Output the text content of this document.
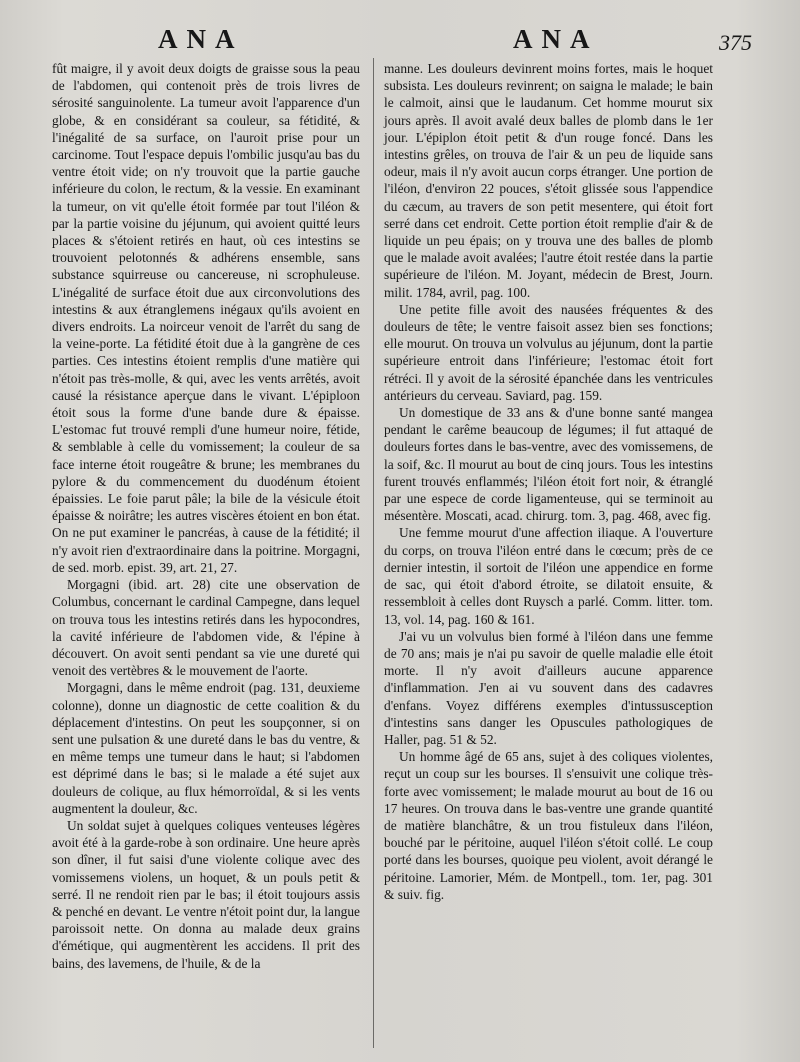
ANA	ANA	375

fût maigre, il y avoit deux doigts de graisse sous la peau de l'abdomen, qui contenoit près de trois livres de sérosité sanguinolente. La tumeur avoit l'apparence d'un globe, & en considérant sa couleur, sa fétidité, & l'inégalité de sa surface, on l'auroit prise pour un carcinome. Tout l'espace depuis l'ombilic jusqu'au bas du ventre étoit vide; on n'y trouvoit que la partie gauche inférieure du colon, le rectum, & la vessie. En examinant la tumeur, on vit qu'elle étoit formée par tout l'iléon & par la partie voisine du jéjunum, qui avoient quitté leurs places & s'étoient retirés en haut, où ces intestins se trouvoient pelotonnés & adhérens ensemble, sans substance squirreuse ou cancereuse, ni scrophuleuse. L'inégalité de surface étoit due aux circonvolutions des intestins & aux étranglemens inégaux qu'ils avoient en divers endroits. La noirceur venoit de l'arrêt du sang de la veine-porte. La fétidité étoit due à la gangrène de ces parties. Ces intestins étoient remplis d'une matière qui n'étoit pas très-molle, & qui, avec les vents arrêtés, avoit causé la résistance aperçue dans le vivant. L'épiploon étoit sous la forme d'une bande dure & épaisse. L'estomac fut trouvé rempli d'une humeur noire, fétide, & semblable à celle du vomissement; la couleur de sa face interne étoit rougeâtre & brune; les membranes du pylore & du commencement du duodénum étoient épaissies. Le foie parut pâle; la bile de la vésicule étoit épaisse & noirâtre; les autres viscères étoient en bon état. On ne put examiner le pancréas, à cause de la fétidité; il n'y avoit rien d'extraordinaire dans la poitrine. Morgagni, de sed. morb. epist. 39, art. 21, 27.

Morgagni (ibid. art. 28) cite une observation de Columbus, concernant le cardinal Campegne, dans lequel on trouva tous les intestins retirés dans les hypocondres, la cavité inférieure de l'abdomen vide, & l'épine à découvert. On avoit senti pendant sa vie une dureté qui venoit des vertèbres & le mouvement de l'aorte.

Morgagni, dans le même endroit (pag. 131, deuxieme colonne), donne un diagnostic de cette coalition & du déplacement d'intestins. On peut les soupçonner, si on sent une pulsation & une dureté dans le bas du ventre, & en même temps une tumeur dans le haut; si l'abdomen est déprimé dans le bas; si le malade a été sujet aux douleurs de colique, au flux hémorroïdal, & si les vents augmentent la douleur, &c.

Un soldat sujet à quelques coliques venteuses légères avoit été à la garde-robe à son ordinaire. Une heure après son dîner, il fut saisi d'une violente colique avec des vomissemens violens, un hoquet, & un pouls petit & serré. Il ne rendoit rien par le bas; il étoit toujours assis & penché en devant. Le ventre n'étoit point dur, la langue paroissoit nette. On donna au malade deux grains d'émétique, qui augmentèrent les accidens. Il prit des bains, des lavemens, de l'huile, & de la

manne. Les douleurs devinrent moins fortes, mais le hoquet subsista. Les douleurs revinrent; on saigna le malade; le bain le calmoit, ainsi que le laudanum. Cet homme mourut six jours après. Il avoit avalé deux balles de plomb dans le 1er jour. L'épiplon étoit petit & d'un rouge foncé. Dans les intestins grêles, on trouva de l'air & un peu de liquide sans odeur, mais il n'y avoit aucun corps étranger. Une portion de l'iléon, d'environ 22 pouces, s'étoit glissée sous l'appendice du cæcum, au travers de son petit mesentere, qui étoit fort serré dans cet endroit. Cette portion étoit remplie d'air & de liquide un peu épais; on y trouva une des balles de plomb que le malade avoit avalées; l'autre étoit restée dans la partie supérieure de l'iléon. M. Joyant, médecin de Brest, Journ. milit. 1784, avril, pag. 100.

Une petite fille avoit des nausées fréquentes & des douleurs de tête; le ventre faisoit assez bien ses fonctions; elle mourut. On trouva un volvulus au jéjunum, dont la partie supérieure entroit dans l'inférieure; l'estomac étoit fort rétréci. Il y avoit de la sérosité épanchée dans les ventricules antérieurs du cerveau. Saviard, pag. 159.

Un domestique de 33 ans & d'une bonne santé mangea pendant le carême beaucoup de légumes; il fut attaqué de douleurs fortes dans le bas-ventre, avec des vomissemens, de la soif, &c. Il mourut au bout de cinq jours. Tous les intestins furent trouvés enflammés; l'iléon étoit fort noir, & étranglé par une espece de corde ligamenteuse, qui se terminoit au mésentère. Moscati, acad. chirurg. tom. 3, pag. 468, avec fig.

Une femme mourut d'une affection iliaque. A l'ouverture du corps, on trouva l'iléon entré dans le cœcum; près de ce dernier intestin, il sortoit de l'iléon une appendice en forme de sac, qui étoit d'abord étroite, se dilatoit ensuite, & ressembloit à celles dont Ruysch a parlé. Comm. litter. tom. 13, vol. 14, pag. 160 & 161.

J'ai vu un volvulus bien formé à l'iléon dans une femme de 70 ans; mais je n'ai pu savoir de quelle maladie elle étoit morte. Il n'y avoit d'ailleurs aucune apparence d'inflammation. J'en ai vu souvent dans des cadavres d'enfans. Voyez différens exemples d'intussusception d'intestins sans danger les Opuscules pathologiques de Haller, pag. 51 & 52.

Un homme âgé de 65 ans, sujet à des coliques violentes, reçut un coup sur les bourses. Il s'ensuivit une colique très-forte avec vomissement; le malade mourut au bout de 16 ou 17 heures. On trouva dans le bas-ventre une grande quantité de matière blanchâtre, & un trou fistuleux dans l'iléon, bouché par le péritoine, auquel l'iléon s'étoit collé. Le coup porté dans les bourses, quoique peu violent, avoit dérangé le péritoine. Lamorier, Mém. de Montpell., tom. 1er, pag. 301 & suiv. fig.
